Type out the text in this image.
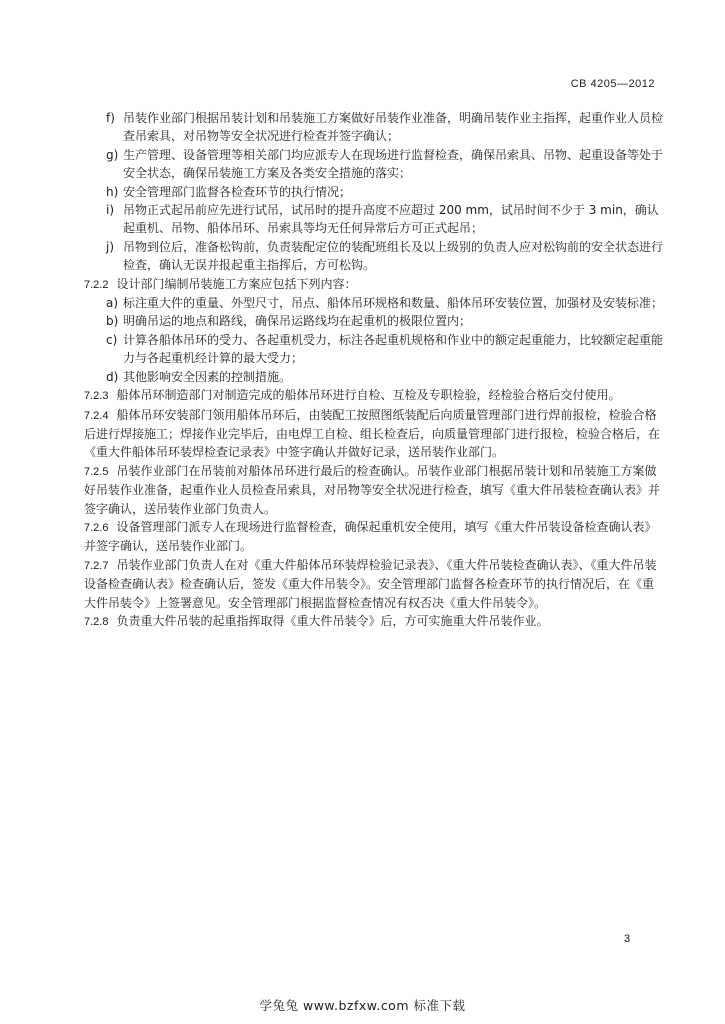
CB 4205—2012
f) 吊装作业部门根据吊装计划和吊装施工方案做好吊装作业准备，明确吊装作业主指挥，起重作业人员检查吊索具，对吊物等安全状况进行检查并签字确认；
g) 生产管理、设备管理等相关部门均应派专人在现场进行监督检查，确保吊索具、吊物、起重设备等处于安全状态，确保吊装施工方案及各类安全措施的落实；
h) 安全管理部门监督各检查环节的执行情况；
i) 吊物正式起吊前应先进行试吊，试吊时的提升高度不应超过 200 mm，试吊时间不少于 3 min，确认起重机、吊物、船体吊环、吊索具等均无任何异常后方可正式起吊；
j) 吊物到位后，准备松钩前，负责装配定位的装配班组长及以上级别的负责人应对松钩前的安全状态进行检查，确认无误并报起重主指挥后，方可松钩。
7.2.2 设计部门编制吊装施工方案应包括下列内容：
a) 标注重大件的重量、外型尺寸，吊点、船体吊环规格和数量、船体吊环安装位置，加强材及安装标准；
b) 明确吊运的地点和路线，确保吊运路线均在起重机的极限位置内；
c) 计算各船体吊环的受力、各起重机受力，标注各起重机规格和作业中的额定起重能力，比较额定起重能力与各起重机经计算的最大受力；
d) 其他影响安全因素的控制措施。
7.2.3 船体吊环制造部门对制造完成的船体吊环进行自检、互检及专职检验，经检验合格后交付使用。
7.2.4 船体吊环安装部门领用船体吊环后，由装配工按照图纸装配后向质量管理部门进行焊前报检，检验合格后进行焊接施工；焊接作业完毕后，由电焊工自检、组长检查后，向质量管理部门进行报检，检验合格后，在《重大件船体吊环装焊检查记录表》中签字确认并做好记录，送吊装作业部门。
7.2.5 吊装作业部门在吊装前对船体吊环进行最后的检查确认。吊装作业部门根据吊装计划和吊装施工方案做好吊装作业准备，起重作业人员检查吊索具，对吊物等安全状况进行检查，填写《重大件吊装检查确认表》并签字确认，送吊装作业部门负责人。
7.2.6 设备管理部门派专人在现场进行监督检查，确保起重机安全使用，填写《重大件吊装设备检查确认表》并签字确认，送吊装作业部门。
7.2.7 吊装作业部门负责人在对《重大件船体吊环装焊检验记录表》、《重大件吊装检查确认表》、《重大件吊装设备检查确认表》检查确认后，签发《重大件吊装令》。安全管理部门监督各检查环节的执行情况后，在《重大件吊装令》上签署意见。安全管理部门根据监督检查情况有权否决《重大件吊装令》。
7.2.8 负责重大件吊装的起重指挥取得《重大件吊装令》后，方可实施重大件吊装作业。
3
学兔兔 www.bzfxw.com 标准下载
